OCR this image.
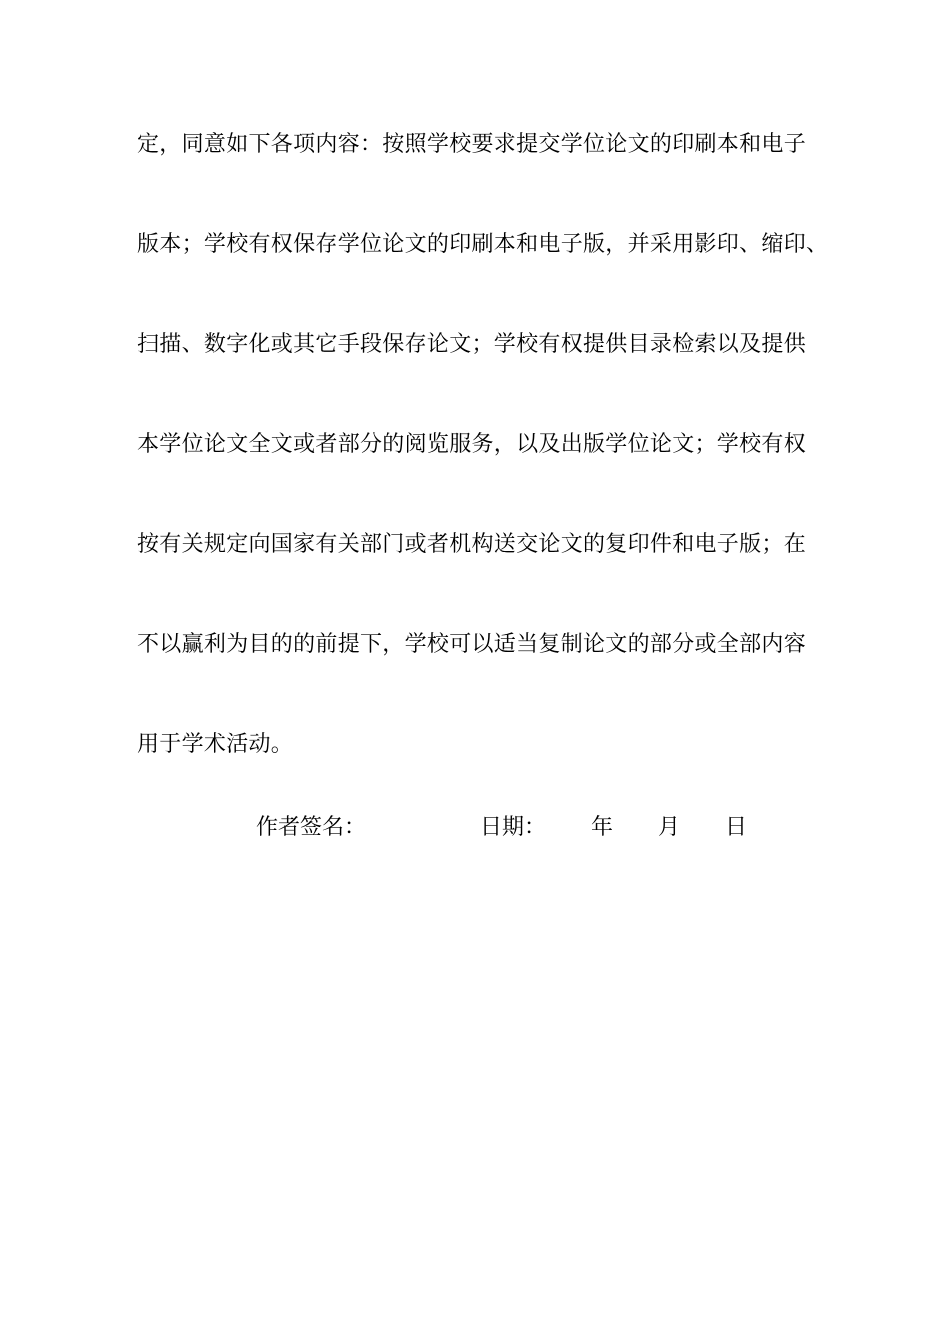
定，同意如下各项内容：按照学校要求提交学位论文的印刷本和电子
版本；学校有权保存学位论文的印刷本和电子版，并采用影印、缩印、
扫描、数字化或其它手段保存论文；学校有权提供目录检索以及提供
本学位论文全文或者部分的阅览服务，以及出版学位论文；学校有权
按有关规定向国家有关部门或者机构送交论文的复印件和电子版；在
不以赢利为目的的前提下，学校可以适当复制论文的部分或全部内容
用于学术活动。
作者签名：	日期： 年 月 日
